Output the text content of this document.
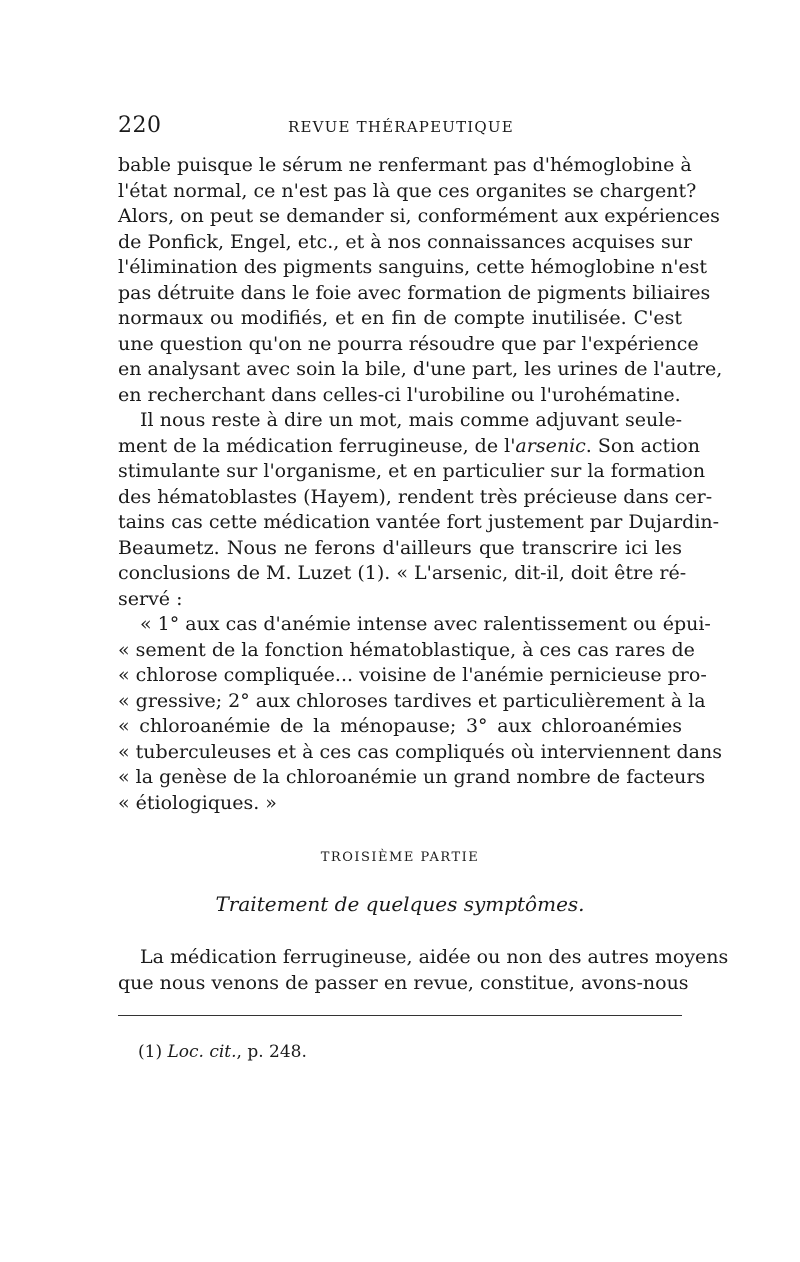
220	REVUE THÉRAPEUTIQUE
bable puisque le sérum ne renfermant pas d'hémoglobine à
l'état normal, ce n'est pas là que ces organites se chargent?
Alors, on peut se demander si, conformément aux expériences
de Ponfick, Engel, etc., et à nos connaissances acquises sur
l'élimination des pigments sanguins, cette hémoglobine n'est
pas détruite dans le foie avec formation de pigments biliaires
normaux ou modifiés, et en fin de compte inutilisée. C'est
une question qu'on ne pourra résoudre que par l'expérience
en analysant avec soin la bile, d'une part, les urines de l'autre,
en recherchant dans celles-ci l'urobiline ou l'urohématine.
Il nous reste à dire un mot, mais comme adjuvant seule-
ment de la médication ferrugineuse, de l'arsenic. Son action
stimulante sur l'organisme, et en particulier sur la formation
des hématoblastes (Hayem), rendent très précieuse dans cer-
tains cas cette médication vantée fort justement par Dujardin-
Beaumetz. Nous ne ferons d'ailleurs que transcrire ici les
conclusions de M. Luzet (1). « L'arsenic, dit-il, doit être ré-
servé :
« 1° aux cas d'anémie intense avec ralentissement ou épui-
« sement de la fonction hématoblastique, à ces cas rares de
« chlorose compliquée... voisine de l'anémie pernicieuse pro-
« gressive; 2° aux chloroses tardives et particulièrement à la
« chloroanémie de la ménopause; 3° aux chloroanémies
« tuberculeuses et à ces cas compliqués où interviennent dans
« la genèse de la chloroanémie un grand nombre de facteurs
« étiologiques. »
TROISIÈME PARTIE
Traitement de quelques symptômes.
La médication ferrugineuse, aidée ou non des autres moyens
que nous venons de passer en revue, constitue, avons-nous
(1) Loc. cit., p. 248.
